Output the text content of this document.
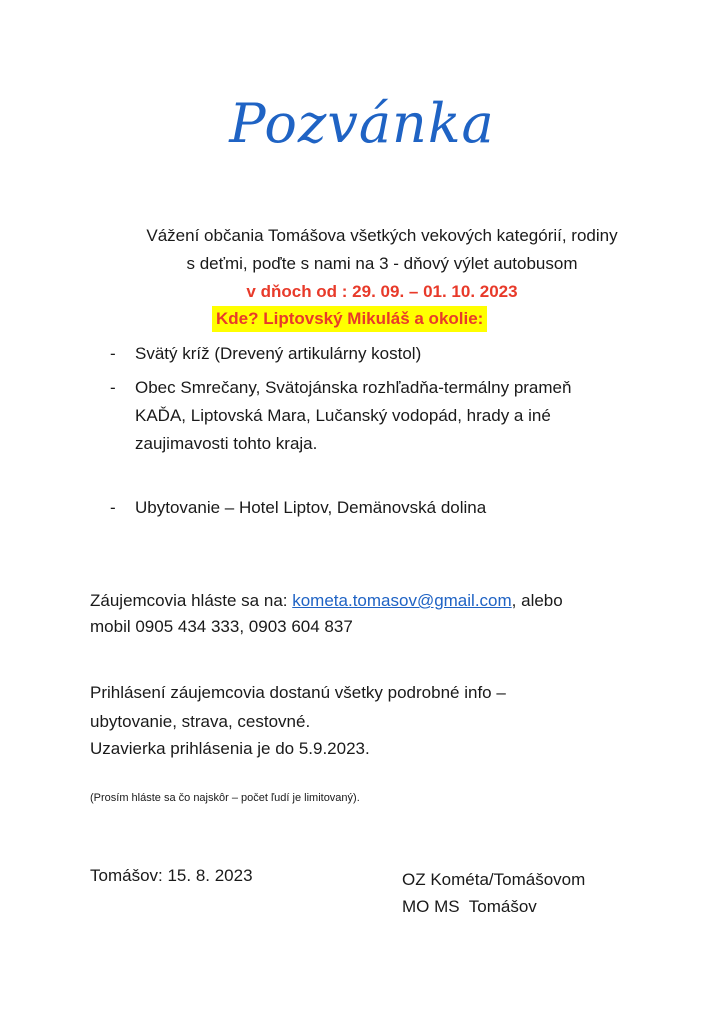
Pozvánka
Vážení občania Tomášova všetkých vekových kategórií, rodiny
s deťmi, poďte s nami na 3 - dňový výlet autobusom
v dňoch od : 29. 09. – 01. 10. 2023
Kde? Liptovský Mikuláš a okolie:
- Svätý kríž (Drevený artikulárny kostol)
- Obec Smrečany, Svätojánska rozhľadňa-termálny prameň
KAĎA, Liptovská Mara, Lučanský vodopád, hrady a iné
zaujimavosti tohto kraja.
- Ubytovanie – Hotel Liptov, Demänovská dolina
Záujemcovia hláste sa na: kometa.tomasov@gmail.com, alebo
mobil 0905 434 333, 0903 604 837
Prihlásení záujemcovia dostanú všetky podrobné info –
ubytovanie, strava, cestovné.
Uzavierka prihlásenia je do 5.9.2023.
(Prosím hláste sa čo najskôr – počet ľudí je limitovaný).
Tomášov: 15. 8. 2023	OZ Kométa/Tomášovom
MO MS  Tomášov
